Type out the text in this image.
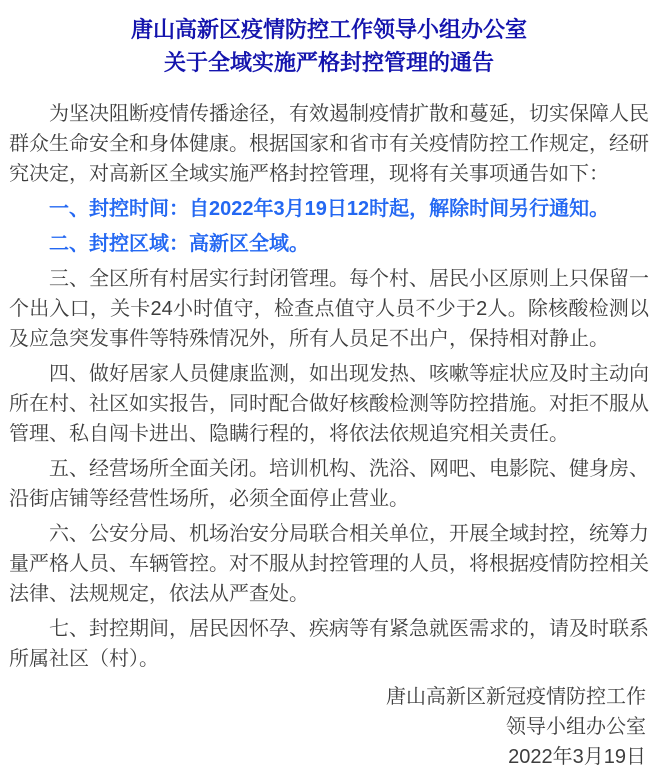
唐山高新区疫情防控工作领导小组办公室
关于全域实施严格封控管理的通告

为坚决阻断疫情传播途径，有效遏制疫情扩散和蔓延，切实保障人民群众生命安全和身体健康。根据国家和省市有关疫情防控工作规定，经研究决定，对高新区全域实施严格封控管理，现将有关事项通告如下：

一、封控时间：自2022年3月19日12时起，解除时间另行通知。

二、封控区域：高新区全域。

三、全区所有村居实行封闭管理。每个村、居民小区原则上只保留一个出入口，关卡24小时值守，检查点值守人员不少于2人。除核酸检测以及应急突发事件等特殊情况外，所有人员足不出户，保持相对静止。

四、做好居家人员健康监测，如出现发热、咳嗽等症状应及时主动向所在村、社区如实报告，同时配合做好核酸检测等防控措施。对拒不服从管理、私自闯卡进出、隐瞒行程的，将依法依规追究相关责任。

五、经营场所全面关闭。培训机构、洗浴、网吧、电影院、健身房、沿街店铺等经营性场所，必须全面停止营业。

六、公安分局、机场治安分局联合相关单位，开展全域封控，统筹力量严格人员、车辆管控。对不服从封控管理的人员，将根据疫情防控相关法律、法规规定，依法从严查处。

七、封控期间，居民因怀孕、疾病等有紧急就医需求的，请及时联系所属社区（村）。

唐山高新区新冠疫情防控工作
领导小组办公室
2022年3月19日
